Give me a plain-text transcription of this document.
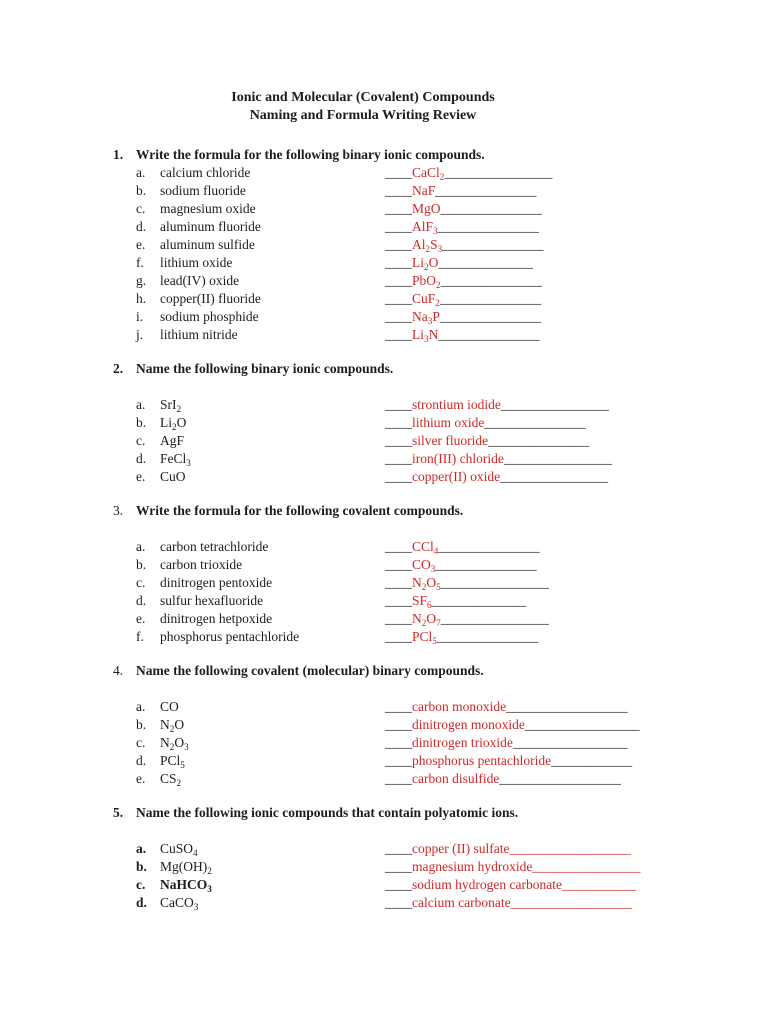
Ionic and Molecular (Covalent) Compounds
Naming and Formula Writing Review
1. Write the formula for the following binary ionic compounds.
a.	calcium chloride	____CaCl$_2$________________
b.	sodium fluoride	____NaF_______________
c.	magnesium oxide	____MgO_______________
d.	aluminum fluoride	____AlF$_3$_______________
e.	aluminum sulfide	$\_\_\_\_Al_2S_3\_\_\_\_\_\_\_\_\_\_\_\_\_\_\_$
f.	lithium oxide	$\_\_\_\_Li_2O\_\_\_\_\_\_\_\_\_\_\_\_\_\_$
g.	lead(IV) oxide	____PbO$_2$_______________
h.	copper(II) fluoride	____CuF$_2$_______________
i.	sodium phosphide	$\_\_\_\_Na_3P\_\_\_\_\_\_\_\_\_\_\_\_\_\_\_$
j.	lithium nitride	$\_\_\_\_Li_3N\_\_\_\_\_\_\_\_\_\_\_\_\_\_\_$
2. Name the following binary ionic compounds.
a.	SrI$_2$	____strontium iodide________________
b.	$Li_2O$	____lithium oxide_______________
c.	AgF	____silver fluoride_______________
d.	FeCl$_3$	____iron(III) chloride________________
e.	CuO	____copper(II) oxide________________
3. Write the formula for the following covalent compounds.
a.	carbon tetrachloride	____CCl$_4$_______________
b.	carbon trioxide	$\_\_\_\_CO_3\_\_\_\_\_\_\_\_\_\_\_\_\_\_\_$
c.	dinitrogen pentoxide	$\_\_\_\_N_2O_5\_\_\_\_\_\_\_\_\_\_\_\_\_\_\_\_$
d.	sulfur hexafluoride	$\_\_\_\_SF_6\_\_\_\_\_\_\_\_\_\_\_\_\_\_$
e.	dinitrogen hetpoxide	$\_\_\_\_N_2O_7\_\_\_\_\_\_\_\_\_\_\_\_\_\_\_\_$
f.	phosphorus pentachloride	____PCl$_5$_______________
4. Name the following covalent (molecular) binary compounds.
a.	CO	____carbon monoxide__________________
b.	$N_2O$	____dinitrogen monoxide_________________
c.	$N_2O_3$	____dinitrogen trioxide_________________
d.	PCl$_5$	____phosphorus pentachloride____________
e.	$CS_2$	____carbon disulfide__________________
5. Name the following ionic compounds that contain polyatomic ions.
a.	CuSO$_4$	____copper (II) sulfate__________________
b. $Mg(OH)_2$	____magnesium hydroxide________________
c.	NaHCO$_3$	____sodium hydrogen carbonate___________
d. CaCO$_3$	____calcium carbonate__________________
